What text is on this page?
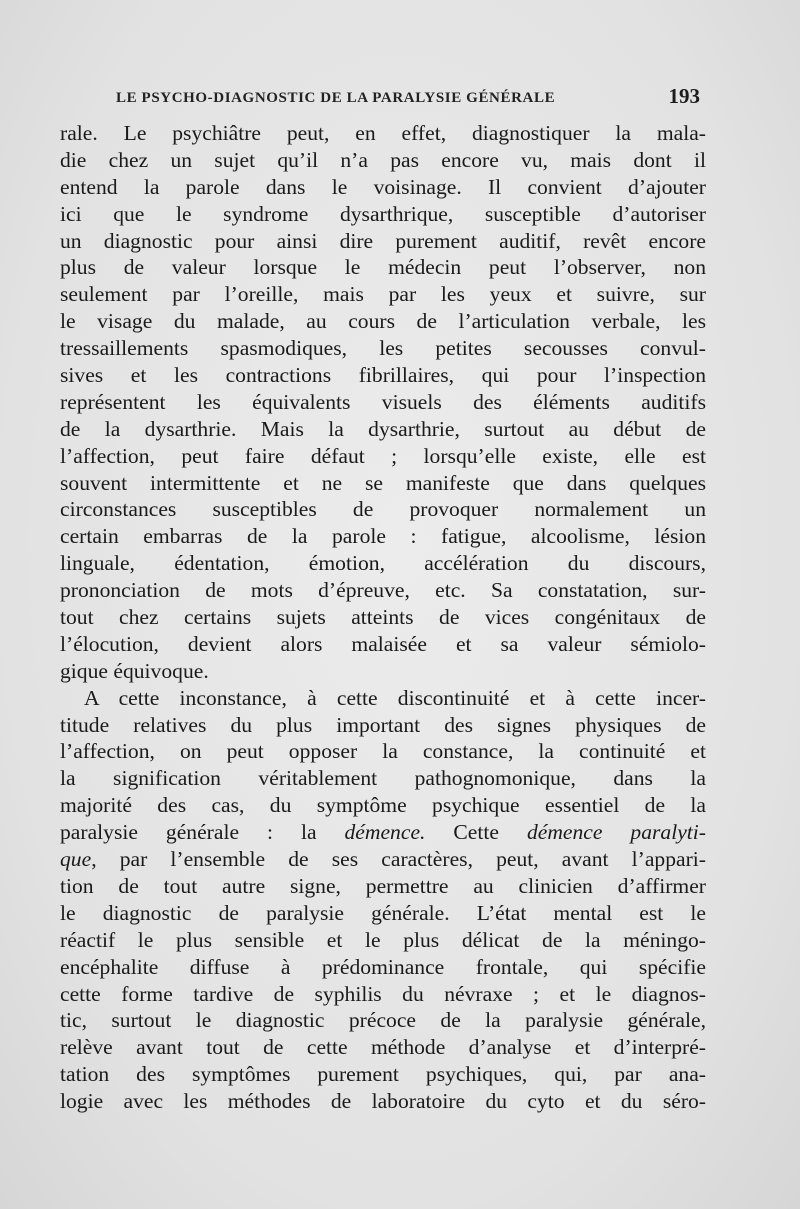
LE PSYCHO-DIAGNOSTIC DE LA PARALYSIE GÉNÉRALE	193
rale. Le psychiâtre peut, en effet, diagnostiquer la mala-
die chez un sujet qu’il n’a pas encore vu, mais dont il
entend la parole dans le voisinage. Il convient d’ajouter
ici que le syndrome dysarthrique, susceptible d’autoriser
un diagnostic pour ainsi dire purement auditif, revêt encore
plus de valeur lorsque le médecin peut l’observer, non
seulement par l’oreille, mais par les yeux et suivre, sur
le visage du malade, au cours de l’articulation verbale, les
tressaillements spasmodiques, les petites secousses convul-
sives et les contractions fibrillaires, qui pour l’inspection
représentent les équivalents visuels des éléments auditifs
de la dysarthrie. Mais la dysarthrie, surtout au début de
l’affection, peut faire défaut ; lorsqu’elle existe, elle est
souvent intermittente et ne se manifeste que dans quelques
circonstances susceptibles de provoquer normalement un
certain embarras de la parole : fatigue, alcoolisme, lésion
linguale, édentation, émotion, accélération du discours,
prononciation de mots d’épreuve, etc. Sa constatation, sur-
tout chez certains sujets atteints de vices congénitaux de
l’élocution, devient alors malaisée et sa valeur sémiolo-
gique équivoque.
A cette inconstance, à cette discontinuité et à cette incer-
titude relatives du plus important des signes physiques de
l’affection, on peut opposer la constance, la continuité et
la signification véritablement pathognomonique, dans la
majorité des cas, du symptôme psychique essentiel de la
paralysie générale : la démence. Cette démence paralyti-
que, par l’ensemble de ses caractères, peut, avant l’appari-
tion de tout autre signe, permettre au clinicien d’affirmer
le diagnostic de paralysie générale. L’état mental est le
réactif le plus sensible et le plus délicat de la méningo-
encéphalite diffuse à prédominance frontale, qui spécifie
cette forme tardive de syphilis du névraxe ; et le diagnos-
tic, surtout le diagnostic précoce de la paralysie générale,
relève avant tout de cette méthode d’analyse et d’interpré-
tation des symptômes purement psychiques, qui, par ana-
logie avec les méthodes de laboratoire du cyto et du séro-
